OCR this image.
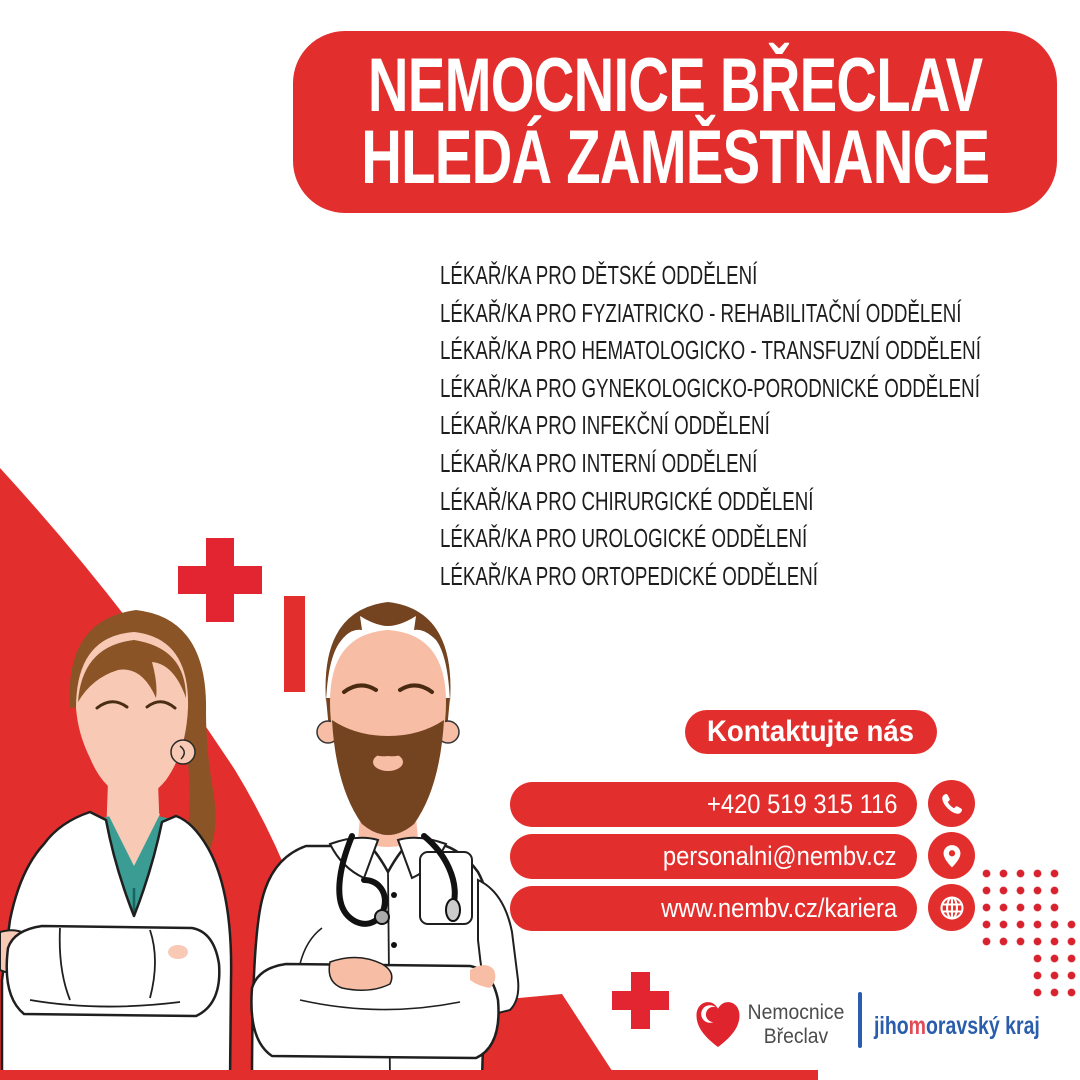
NEMOCNICE BŘECLAV
HLEDÁ ZAMĚSTNANCE
LÉKAŘ/KA PRO DĚTSKÉ ODDĚLENÍ
LÉKAŘ/KA PRO FYZIATRICKO - REHABILITAČNÍ ODDĚLENÍ
LÉKAŘ/KA PRO HEMATOLOGICKO - TRANSFUZNÍ ODDĚLENÍ
LÉKAŘ/KA PRO GYNEKOLOGICKO-PORODNICKÉ ODDĚLENÍ
LÉKAŘ/KA PRO INFEKČNÍ ODDĚLENÍ
LÉKAŘ/KA PRO INTERNÍ ODDĚLENÍ
LÉKAŘ/KA PRO CHIRURGICKÉ ODDĚLENÍ
LÉKAŘ/KA PRO UROLOGICKÉ ODDĚLENÍ
LÉKAŘ/KA PRO ORTOPEDICKÉ ODDĚLENÍ
Kontaktujte nás
+420 519 315 116
personalni@nembv.cz
www.nembv.cz/kariera
Nemocnice
Břeclav	jihomoravský kraj
